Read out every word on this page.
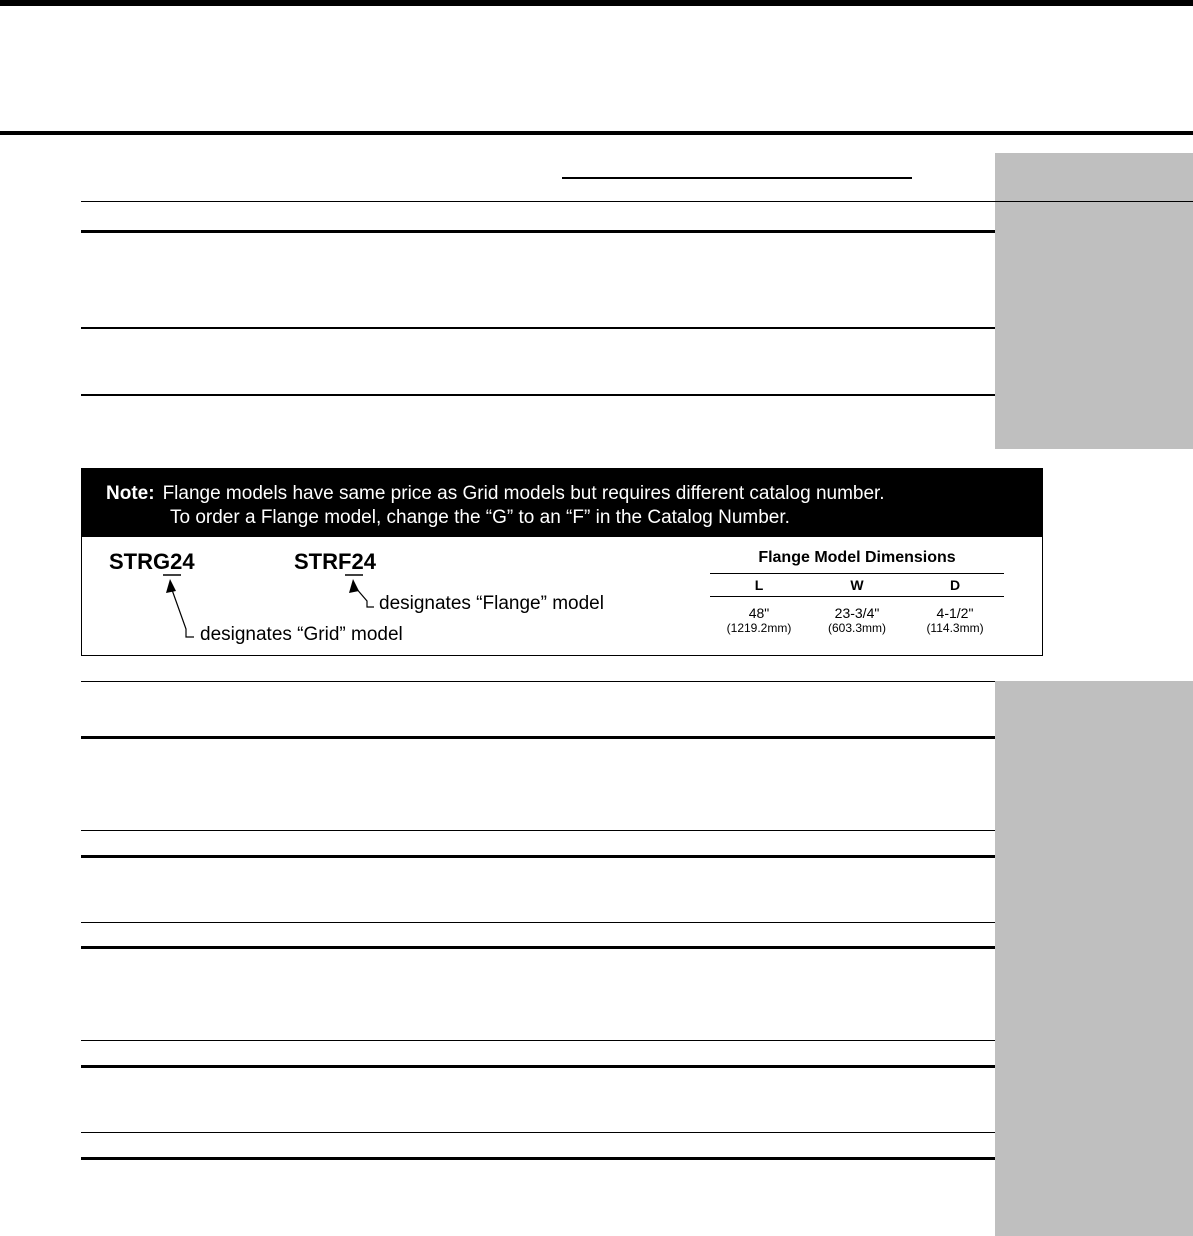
Note: Flange models have same price as Grid models but requires different catalog number.
To order a Flange model, change the “G” to an “F” in the Catalog Number.
STRG24	STRF24
designates “Grid” model
designates “Flange” model
Flange Model Dimensions
L
48"
(1219.2mm)
W
23-3/4"
(603.3mm)
D
4-1/2"
(114.3mm)
